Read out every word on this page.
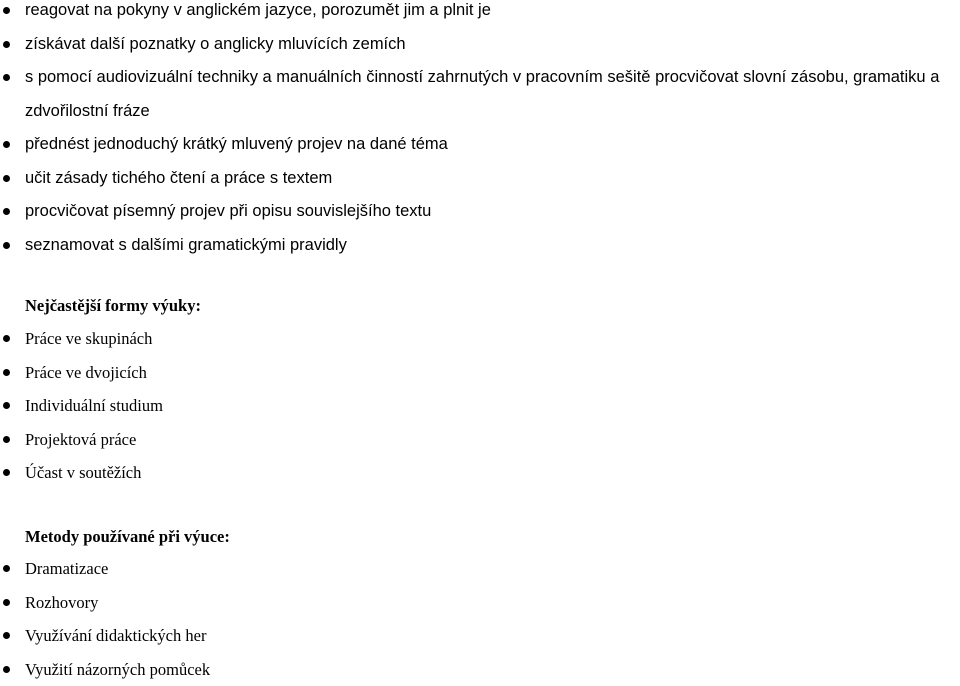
reagovat na pokyny v anglickém jazyce, porozumět jim a plnit je
získávat další poznatky o anglicky mluvících zemích
s pomocí audiovizuální techniky a manuálních činností zahrnutých v pracovním sešitě procvičovat slovní zásobu, gramatiku a
zdvořilostní fráze
přednést jednoduchý krátký mluvený projev na dané téma
učit zásady tichého čtení a práce s textem
procvičovat písemný projev při opisu souvislejšího textu
seznamovat s dalšími gramatickými pravidly
Nejčastější formy výuky:
Práce ve skupinách
Práce ve dvojicích
Individuální studium
Projektová práce
Účast v soutěžích
Metody používané při výuce:
Dramatizace
Rozhovory
Využívání didaktických her
Využití názorných pomůcek
